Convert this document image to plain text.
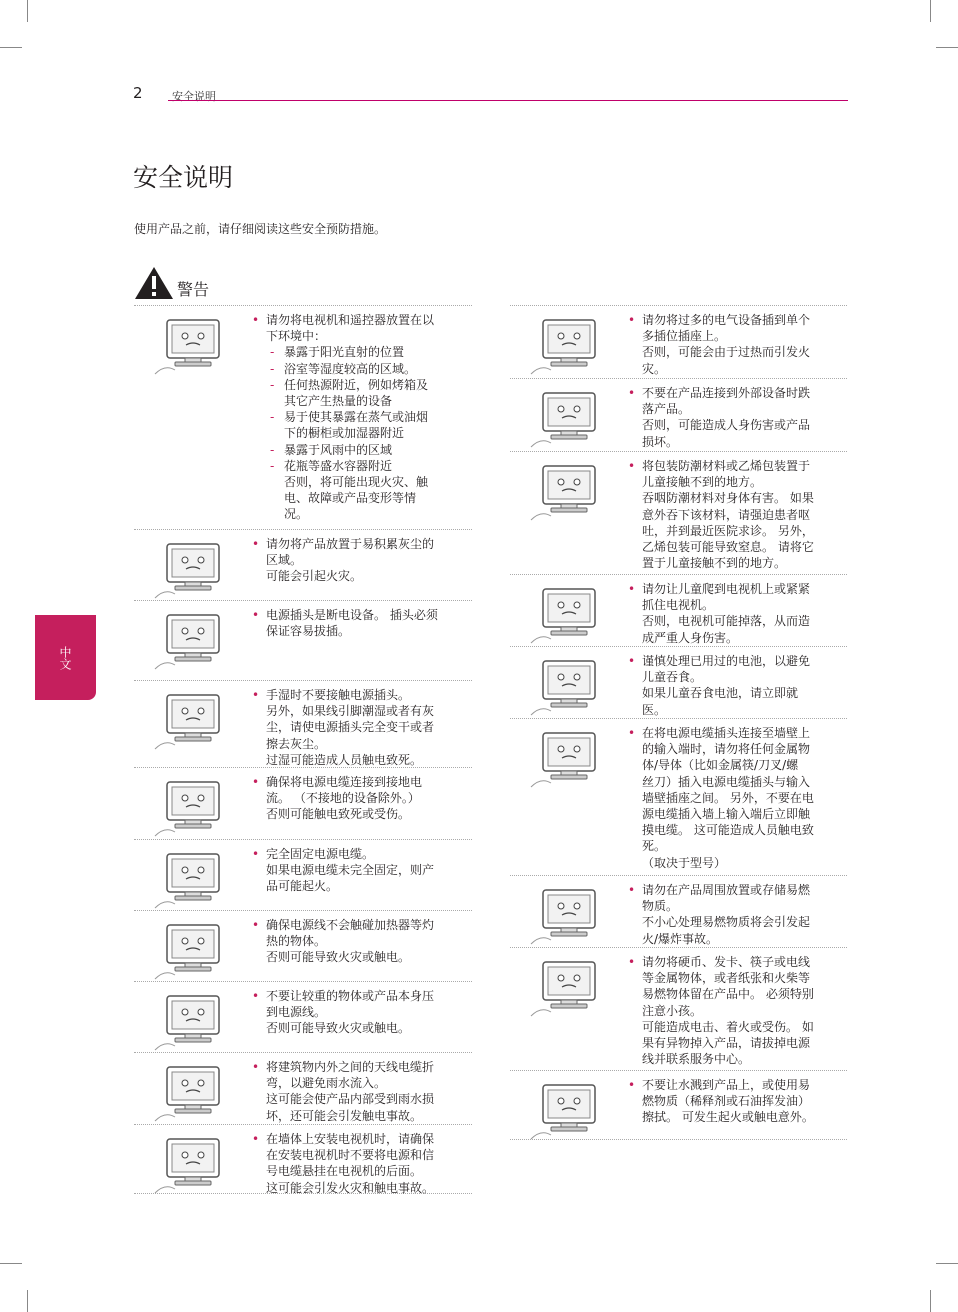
2	安全说明
安全说明
使用产品之前，请仔细阅读这些安全预防措施。
警告
中文
• 请勿将电视机和遥控器放置在以
下环境中：
- 暴露于阳光直射的位置
- 浴室等湿度较高的区域。
- 任何热源附近，例如烤箱及
其它产生热量的设备
- 易于使其暴露在蒸气或油烟
下的橱柜或加湿器附近
- 暴露于风雨中的区域
- 花瓶等盛水容器附近
否则，将可能出现火灾、触
电、故障或产品变形等情
况。
• 请勿将产品放置于易积累灰尘的
区域。
可能会引起火灾。
• 电源插头是断电设备。 插头必须
保证容易拔插。
• 手湿时不要接触电源插头。
另外，如果线引脚潮湿或者有灰
尘，请使电源插头完全变干或者
擦去灰尘。
过湿可能造成人员触电致死。
• 确保将电源电缆连接到接地电
流。 （不接地的设备除外。）
否则可能触电致死或受伤。
• 完全固定电源电缆。
如果电源电缆未完全固定，则产
品可能起火。
• 确保电源线不会触碰加热器等灼
热的物体。
否则可能导致火灾或触电。
• 不要让较重的物体或产品本身压
到电源线。
否则可能导致火灾或触电。
• 将建筑物内外之间的天线电缆折
弯，以避免雨水流入。
这可能会使产品内部受到雨水损
坏，还可能会引发触电事故。
• 在墙体上安装电视机时，请确保
在安装电视机时不要将电源和信
号电缆悬挂在电视机的后面。
这可能会引发火灾和触电事故。
• 请勿将过多的电气设备插到单个
多插位插座上。
否则，可能会由于过热而引发火
灾。
• 不要在产品连接到外部设备时跌
落产品。
否则，可能造成人身伤害或产品
损坏。
• 将包装防潮材料或乙烯包装置于
儿童接触不到的地方。
吞咽防潮材料对身体有害。 如果
意外吞下该材料，请强迫患者呕
吐，并到最近医院求诊。 另外，
乙烯包装可能导致窒息。 请将它
置于儿童接触不到的地方。
• 请勿让儿童爬到电视机上或紧紧
抓住电视机。
否则，电视机可能掉落，从而造
成严重人身伤害。
• 谨慎处理已用过的电池，以避免
儿童吞食。
如果儿童吞食电池，请立即就
医。
• 在将电源电缆插头连接至墙壁上
的输入端时，请勿将任何金属物
体/导体（比如金属筷/刀叉/螺
丝刀）插入电源电缆插头与输入
墙壁插座之间。 另外，不要在电
源电缆插入墙上输入端后立即触
摸电缆。 这可能造成人员触电致
死。
（取决于型号）
• 请勿在产品周围放置或存储易燃
物质。
不小心处理易燃物质将会引发起
火/爆炸事故。
• 请勿将硬币、发卡、筷子或电线
等金属物体，或者纸张和火柴等
易燃物体留在产品中。 必须特别
注意小孩。
可能造成电击、着火或受伤。 如
果有异物掉入产品，请拔掉电源
线并联系服务中心。
• 不要让水溅到产品上，或使用易
燃物质（稀释剂或石油挥发油）
擦拭。 可发生起火或触电意外。
